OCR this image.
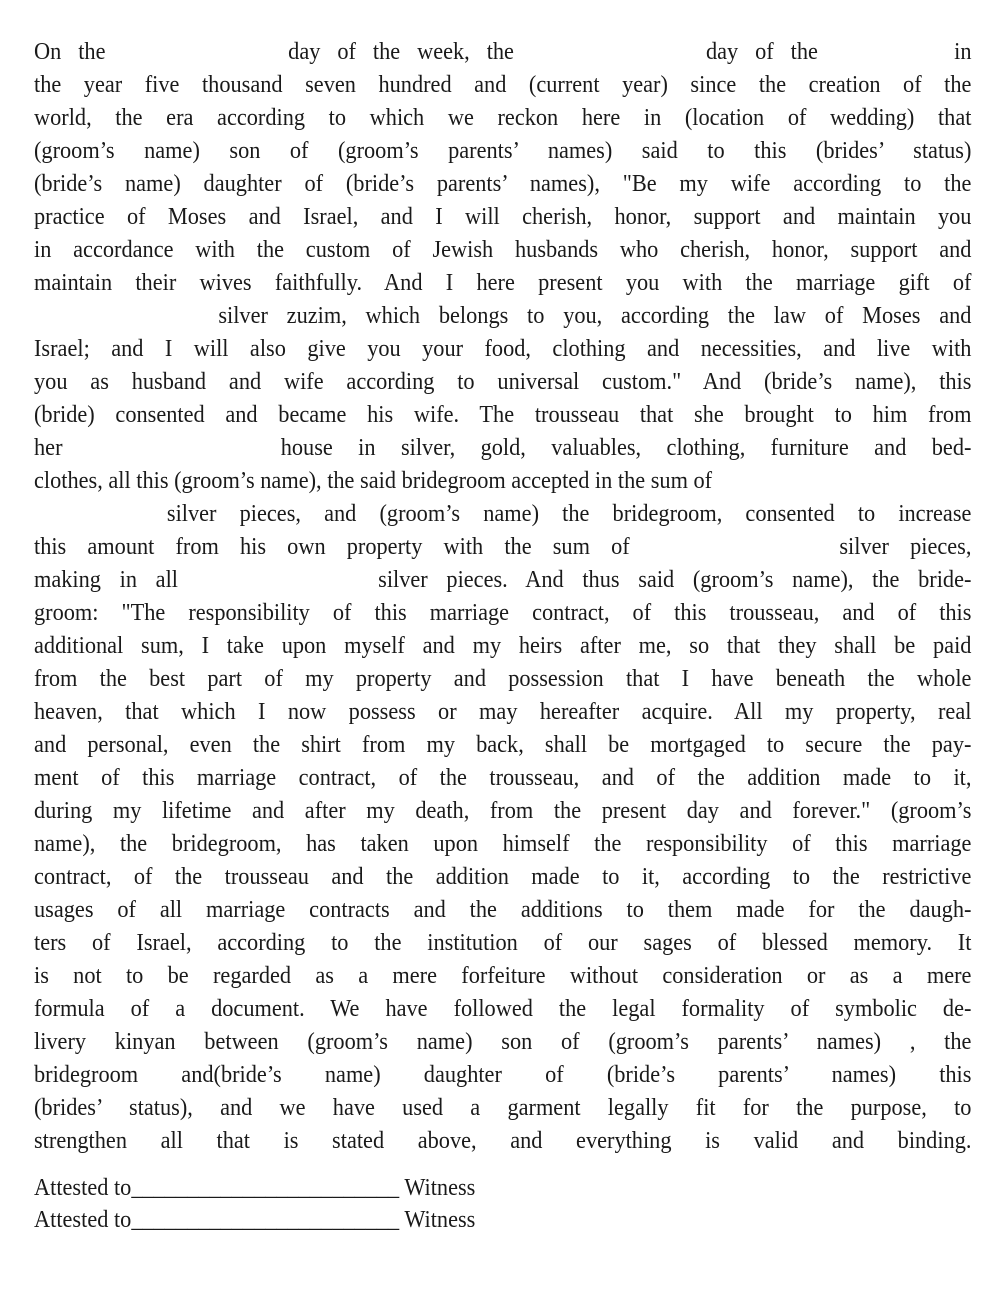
On the	day of the week, the	day of the	in
the year five thousand seven hundred and (current year) since the creation of the
world, the era according to which we reckon here in (location of wedding) that
(groom’s name) son of (groom’s parents’ names) said to this (brides’ status)
(bride’s name) daughter of (bride’s parents’ names), "Be my wife according to the
practice of Moses and Israel, and I will cherish, honor, support and maintain you
in accordance with the custom of Jewish husbands who cherish, honor, support and
maintain their wives faithfully. And I here present you with the marriage gift of
silver zuzim, which belongs to you, according the law of Moses and
Israel; and I will also give you your food, clothing and necessities, and live with
you as husband and wife according to universal custom." And (bride’s name), this
(bride) consented and became his wife. The trousseau that she brought to him from
her	house in silver, gold, valuables, clothing, furniture and bed-
clothes, all this (groom’s name), the said bridegroom accepted in the sum of
silver pieces, and (groom’s name) the bridegroom, consented to increase
this amount from his own property with the sum of	silver pieces,
making in all	silver pieces. And thus said (groom’s name), the bride-
groom: "The responsibility of this marriage contract, of this trousseau, and of this
additional sum, I take upon myself and my heirs after me, so that they shall be paid
from the best part of my property and possession that I have beneath the whole
heaven, that which I now possess or may hereafter acquire. All my property, real
and personal, even the shirt from my back, shall be mortgaged to secure the pay-
ment of this marriage contract, of the trousseau, and of the addition made to it,
during my lifetime and after my death, from the present day and forever." (groom’s
name), the bridegroom, has taken upon himself the responsibility of this marriage
contract, of the trousseau and the addition made to it, according to the restrictive
usages of all marriage contracts and the additions to them made for the daugh-
ters of Israel, according to the institution of our sages of blessed memory. It
is not to be regarded as a mere forfeiture without consideration or as a mere
formula of a document. We have followed the legal formality of symbolic de-
livery kinyan between (groom’s name) son of (groom’s parents’ names) , the
bridegroom and(bride’s name) daughter of (bride’s parents’ names) this
(brides’ status), and we have used a garment legally fit for the purpose, to
strengthen all that is stated above, and everything is valid and binding.
Attested to________________________ Witness
Attested to________________________ Witness
